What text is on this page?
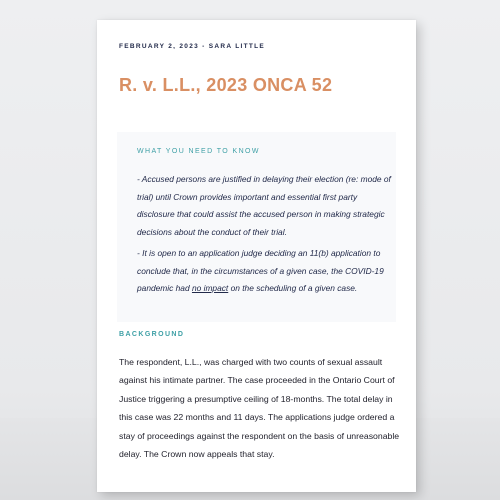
FEBRUARY 2, 2023 - SARA LITTLE
R. v. L.L., 2023 ONCA 52
WHAT YOU NEED TO KNOW
- Accused persons are justified in delaying their election (re: mode of trial) until Crown provides important and essential first party disclosure that could assist the accused person in making strategic decisions about the conduct of their trial.
- It is open to an application judge deciding an 11(b) application to conclude that, in the circumstances of a given case, the COVID-19 pandemic had no impact on the scheduling of a given case.
BACKGROUND
The respondent, L.L., was charged with two counts of sexual assault against his intimate partner. The case proceeded in the Ontario Court of Justice triggering a presumptive ceiling of 18-months. The total delay in this case was 22 months and 11 days. The applications judge ordered a stay of proceedings against the respondent on the basis of unreasonable delay. The Crown now appeals that stay.
